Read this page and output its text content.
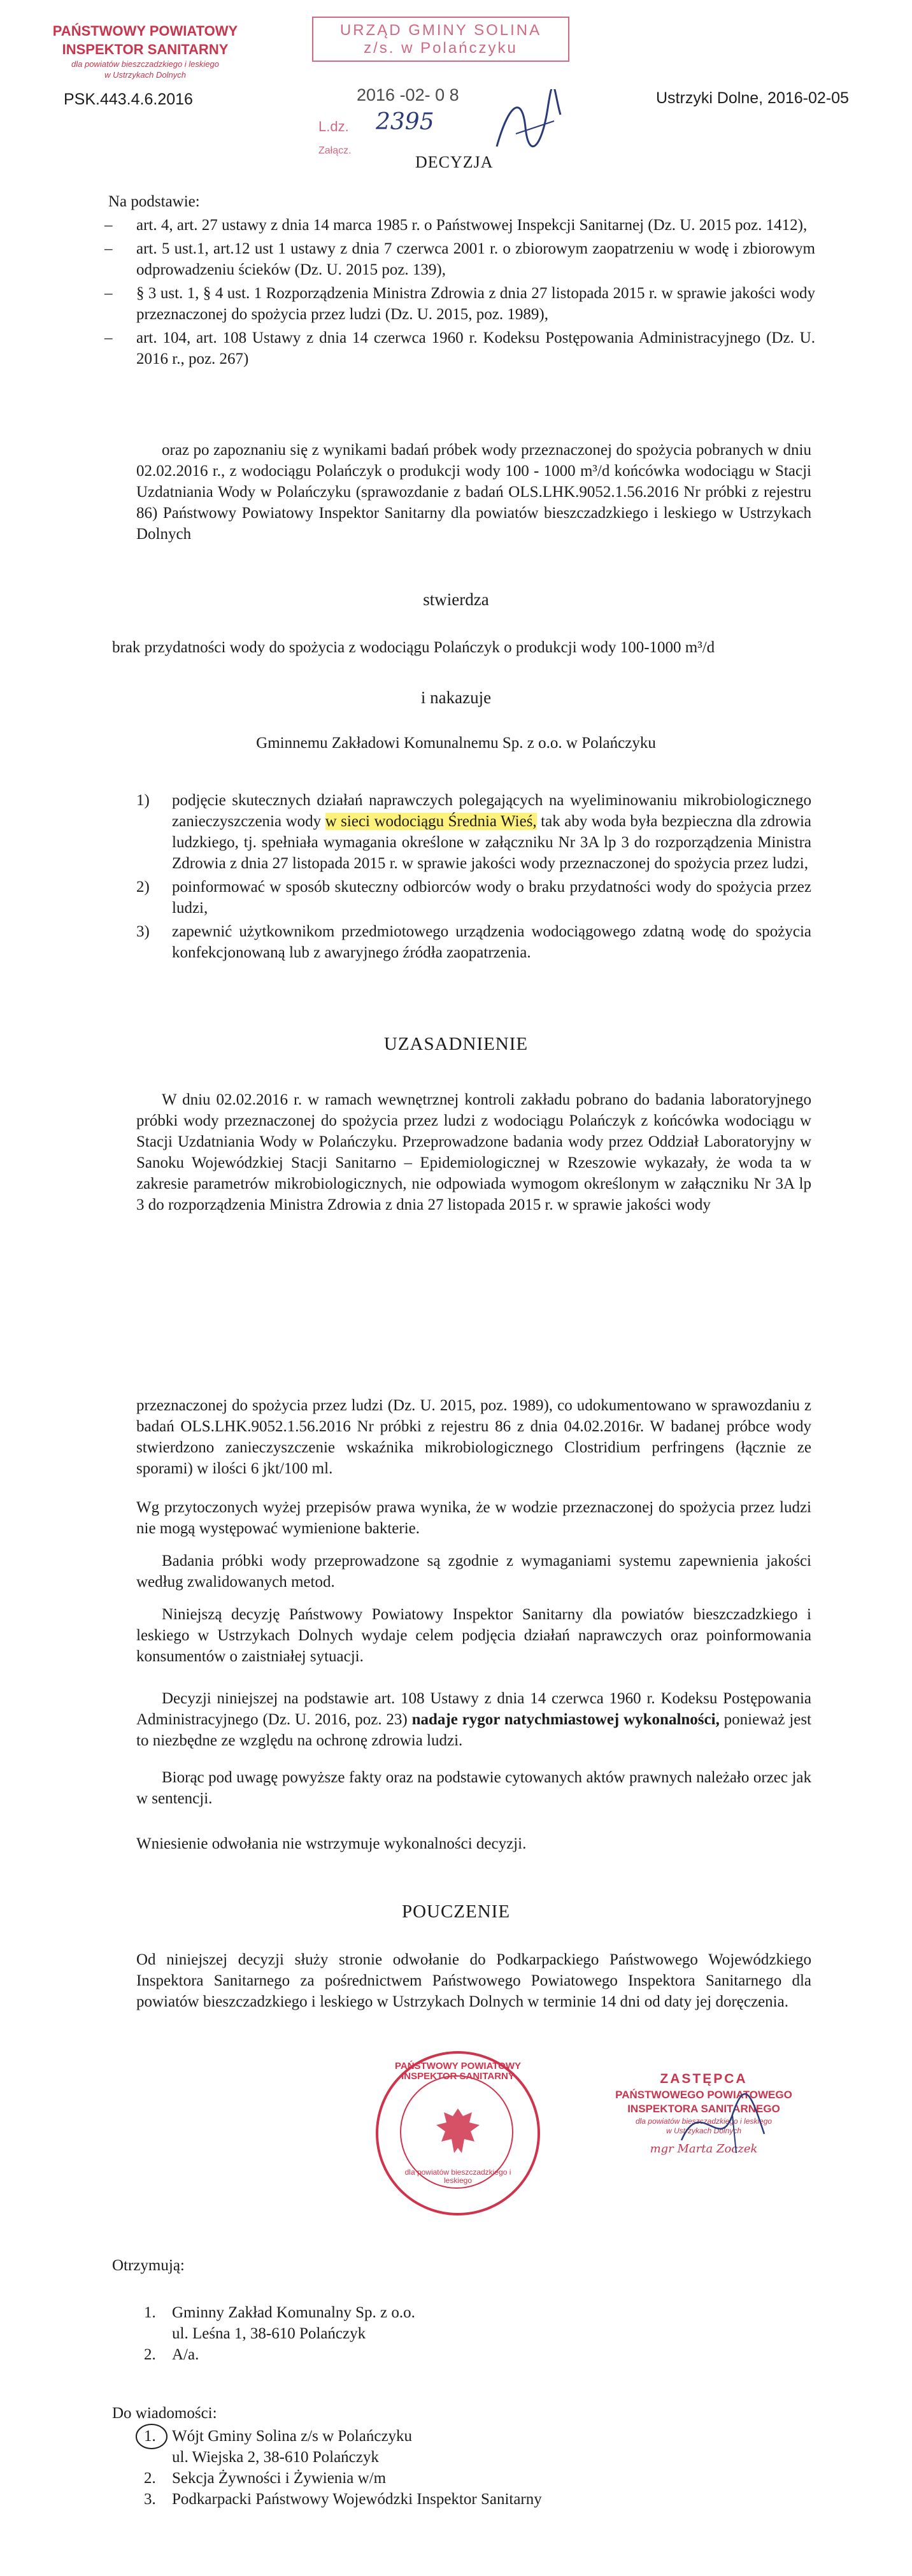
PAŃSTWOWY POWIATOWY
INSPEKTOR SANITARNY
dla powiatów bieszczadzkiego i leskiego
w Ustrzykach Dolnych
PSK.443.4.6.2016
URZĄD GMINY SOLINA
z/s. w Polańczyku
2016 -02- 0 8
L.dz. 2395
Załącz.
DECYZJA
Ustrzyki Dolne, 2016-02-05
Na podstawie:
– art. 4, art. 27 ustawy z dnia 14 marca 1985 r. o Państwowej Inspekcji Sanitarnej (Dz. U. 2015 poz. 1412),
– art. 5 ust.1, art.12 ust 1 ustawy z dnia 7 czerwca 2001 r. o zbiorowym zaopatrzeniu w wodę i zbiorowym odprowadzeniu ścieków (Dz. U. 2015 poz. 139),
– § 3 ust. 1, § 4 ust. 1 Rozporządzenia Ministra Zdrowia z dnia 27 listopada 2015 r. w sprawie jakości wody przeznaczonej do spożycia przez ludzi (Dz. U. 2015, poz. 1989),
– art. 104, art. 108 Ustawy z dnia 14 czerwca 1960 r. Kodeksu Postępowania Administracyjnego (Dz. U. 2016 r., poz. 267)
oraz po zapoznaniu się z wynikami badań próbek wody przeznaczonej do spożycia pobranych w dniu 02.02.2016 r., z wodociągu Polańczyk o produkcji wody 100 - 1000 m³/d końcówka wodociągu w Stacji Uzdatniania Wody w Polańczyku (sprawozdanie z badań OLS.LHK.9052.1.56.2016 Nr próbki z rejestru 86) Państwowy Powiatowy Inspektor Sanitarny dla powiatów bieszczadzkiego i leskiego w Ustrzykach Dolnych
stwierdza
brak przydatności wody do spożycia z wodociągu Polańczyk o produkcji wody 100-1000 m³/d
i nakazuje
Gminnemu Zakładowi Komunalnemu Sp. z o.o. w Polańczyku
1) podjęcie skutecznych działań naprawczych polegających na wyeliminowaniu mikrobiologicznego zanieczyszczenia wody w sieci wodociągu Średnia Wieś, tak aby woda była bezpieczna dla zdrowia ludzkiego, tj. spełniała wymagania określone w załączniku Nr 3A lp 3 do rozporządzenia Ministra Zdrowia z dnia 27 listopada 2015 r. w sprawie jakości wody przeznaczonej do spożycia przez ludzi,
2) poinformować w sposób skuteczny odbiorców wody o braku przydatności wody do spożycia przez ludzi,
3) zapewnić użytkownikom przedmiotowego urządzenia wodociągowego zdatną wodę do spożycia konfekcjonowaną lub z awaryjnego źródła zaopatrzenia.
UZASADNIENIE
W dniu 02.02.2016 r. w ramach wewnętrznej kontroli zakładu pobrano do badania laboratoryjnego próbki wody przeznaczonej do spożycia przez ludzi z wodociągu Polańczyk z końcówka wodociągu w Stacji Uzdatniania Wody w Polańczyku. Przeprowadzone badania wody przez Oddział Laboratoryjny w Sanoku Wojewódzkiej Stacji Sanitarno – Epidemiologicznej w Rzeszowie wykazały, że woda ta w zakresie parametrów mikrobiologicznych, nie odpowiada wymogom określonym w załączniku Nr 3A lp 3 do rozporządzenia Ministra Zdrowia z dnia 27 listopada 2015 r. w sprawie jakości wody
przeznaczonej do spożycia przez ludzi (Dz. U. 2015, poz. 1989), co udokumentowano w sprawozdaniu z badań OLS.LHK.9052.1.56.2016 Nr próbki z rejestru 86 z dnia 04.02.2016r. W badanej próbce wody stwierdzono zanieczyszczenie wskaźnika mikrobiologicznego Clostridium perfringens (łącznie ze sporami) w ilości 6 jkt/100 ml.
Wg przytoczonych wyżej przepisów prawa wynika, że w wodzie przeznaczonej do spożycia przez ludzi nie mogą występować wymienione bakterie.
Badania próbki wody przeprowadzone są zgodnie z wymaganiami systemu zapewnienia jakości według zwalidowanych metod.
Niniejszą decyzję Państwowy Powiatowy Inspektor Sanitarny dla powiatów bieszczadzkiego i leskiego w Ustrzykach Dolnych wydaje celem podjęcia działań naprawczych oraz poinformowania konsumentów o zaistniałej sytuacji.
Decyzji niniejszej na podstawie art. 108 Ustawy z dnia 14 czerwca 1960 r. Kodeksu Postępowania Administracyjnego (Dz. U. 2016, poz. 23) nadaje rygor natychmiastowej wykonalności, ponieważ jest to niezbędne ze względu na ochronę zdrowia ludzi.
Biorąc pod uwagę powyższe fakty oraz na podstawie cytowanych aktów prawnych należało orzec jak w sentencji.
Wniesienie odwołania nie wstrzymuje wykonalności decyzji.
POUCZENIE
Od niniejszej decyzji służy stronie odwołanie do Podkarpackiego Państwowego Wojewódzkiego Inspektora Sanitarnego za pośrednictwem Państwowego Powiatowego Inspektora Sanitarnego dla powiatów bieszczadzkiego i leskiego w Ustrzykach Dolnych w terminie 14 dni od daty jej doręczenia.
PAŃSTWOWY POWIATOWY INSPEKTOR SANITARNY
dla powiatów bieszczadzkiego i leskiego
ZASTĘPCA
PAŃSTWOWEGO POWIATOWEGO
INSPEKTORA SANITARNEGO
dla powiatów bieszczadzkiego i leskiego
w Ustrzykach Dolnych
mgr Marta Zoczek
Otrzymują:
1. Gminny Zakład Komunalny Sp. z o.o.
ul. Leśna 1, 38-610 Polańczyk
2. A/a.
Do wiadomości:
1. Wójt Gminy Solina z/s w Polańczyku
ul. Wiejska 2, 38-610 Polańczyk
2. Sekcja Żywności i Żywienia w/m
3. Podkarpacki Państwowy Wojewódzki Inspektor Sanitarny
